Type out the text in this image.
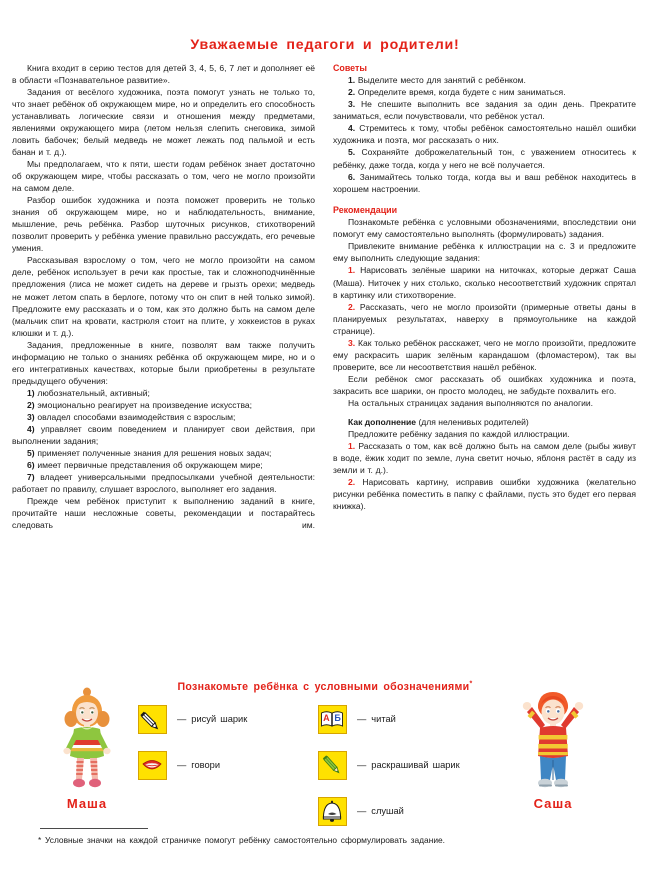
Уважаемые педагоги и родители!

Книга входит в серию тестов для детей 3, 4, 5, 6, 7 лет и дополняет её в области «Познавательное развитие».

Задания от весёлого художника, поэта помогут узнать не только то, что знает ребёнок об окружающем мире, но и определить его способность устанавливать логические связи и отношения между предметами, явлениями окружающего мира (летом нельзя слепить снеговика, зимой ловить бабочек; белый медведь не может лежать под пальмой и есть банан и т. д.).

Мы предполагаем, что к пяти, шести годам ребёнок знает достаточно об окружающем мире, чтобы рассказать о том, чего не могло произойти на самом деле.

Разбор ошибок художника и поэта поможет проверить не только знания об окружающем мире, но и наблюдательность, внимание, мышление, речь ребёнка. Разбор шуточных рисунков, стихотворений позволит проверить у ребёнка умение правильно рассуждать, его речевые умения.

Рассказывая взрослому о том, чего не могло произойти на самом деле, ребёнок использует в речи как простые, так и сложноподчинённые предложения (лиса не может сидеть на дереве и грызть орехи; медведь не может летом спать в берлоге, потому что он спит в ней только зимой). Предложите ему рассказать и о том, как это должно быть на самом деле (мальчик спит на кровати, кастрюля стоит на плите, у хоккеистов в руках клюшки и т. д.).

Задания, предложенные в книге, позволят вам также получить информацию не только о знаниях ребёнка об окружающем мире, но и о его интегративных качествах, которые были приобретены в результате предыдущего обучения:

1) любознательный, активный;

2) эмоционально реагирует на произведение искусства;

3) овладел способами взаимодействия с взрослым;

4) управляет своим поведением и планирует свои действия, при выполнении задания;

5) применяет полученные знания для решения новых задач;

6) имеет первичные представления об окружающем мире;

7) владеет универсальными предпосылками учебной деятельности: работает по правилу, слушает взрослого, выполняет его задания.

Прежде чем ребёнок приступит к выполнению заданий в книге, прочитайте наши несложные советы, рекомендации и постарайтесь следовать им.

Советы

1. Выделите место для занятий с ребёнком.

2. Определите время, когда будете с ним заниматься.

3. Не спешите выполнить все задания за один день. Прекратите заниматься, если почувствовали, что ребёнок устал.

4. Стремитесь к тому, чтобы ребёнок самостоятельно нашёл ошибки художника и поэта, мог рассказать о них.

5. Сохраняйте доброжелательный тон, с уважением относитесь к ребёнку, даже тогда, когда у него не всё получается.

6. Занимайтесь только тогда, когда вы и ваш ребёнок находитесь в хорошем настроении.

Рекомендации

Познакомьте ребёнка с условными обозначениями, впоследствии они помогут ему самостоятельно выполнять (формулировать) задания.

Привлеките внимание ребёнка к иллюстрации на с. 3 и предложите ему выполнить следующие задания:

1. Нарисовать зелёные шарики на ниточках, которые держат Саша (Маша). Ниточек у них столько, сколько несоответствий художник спрятал в картинку или стихотворение.

2. Рассказать, чего не могло произойти (примерные ответы даны в планируемых результатах, наверху в прямоугольнике на каждой странице).

3. Как только ребёнок расскажет, чего не могло произойти, предложите ему раскрасить шарик зелёным карандашом (фломастером), так вы проверите, все ли несоответствия нашёл ребёнок.

Если ребёнок смог рассказать об ошибках художника и поэта, закрасить все шарики, он просто молодец, не забудьте похвалить его.

На остальных страницах задания выполняются по аналогии.

Как дополнение (для неленивых родителей)

Предложите ребёнку задания по каждой иллюстрации.

1. Рассказать о том, как всё должно быть на самом деле (рыбы живут в воде, ёжик ходит по земле, луна светит ночью, яблоня растёт в саду из земли и т. д.).

2. Нарисовать картину, исправив ошибки художника (желательно рисунки ребёнка поместить в папку с файлами, пусть это будет его первая книжка).

Познакомьте ребёнка с условными обозначениями*
Маша	Саша
— рисуй шарик
— говори
А Б — читай
— раскрашивай шарик
— слушай
* Условные значки на каждой страничке помогут ребёнку самостоятельно сформулировать задание.
